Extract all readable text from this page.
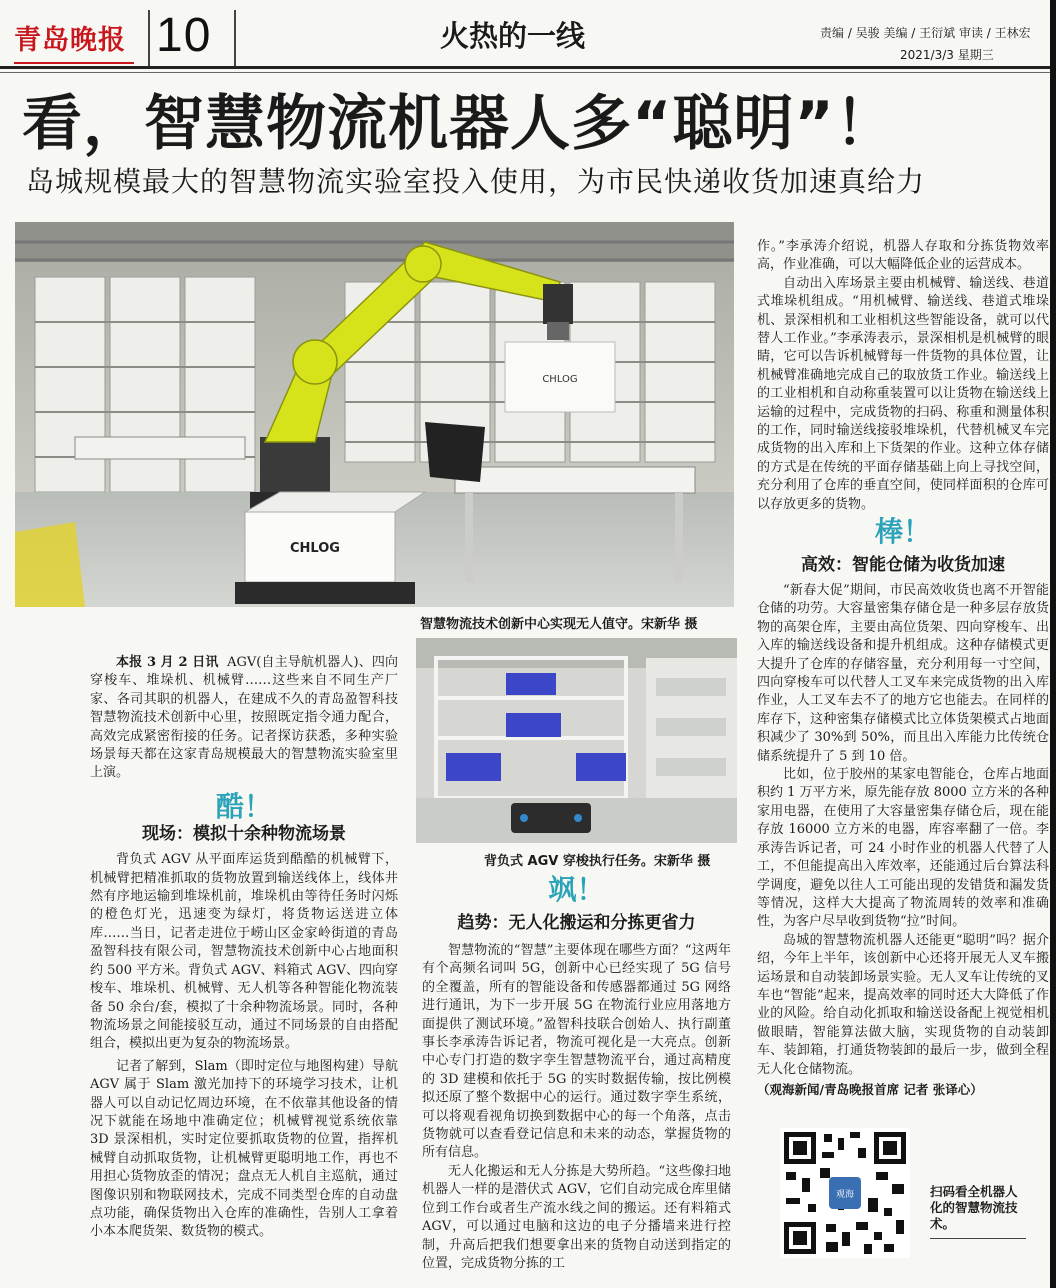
青岛晚报 10	火热的一线	责编 / 吴骏 美编 / 王衍斌 审读 / 王林宏
2021/3/3 星期三
看，智慧物流机器人多“聪明”！
岛城规模最大的智慧物流实验室投入使用，为市民快递收货加速真给力
CHLOG
CHLOG
智慧物流技术创新中心实现无人值守。宋新华 摄
背负式 AGV 穿梭执行任务。宋新华 摄

本报 3 月 2 日讯 AGV(自主导航机器人)、四向穿梭车、堆垛机、机械臂……这些来自不同生产厂家、各司其职的机器人，在建成不久的青岛盈智科技智慧物流技术创新中心里，按照既定指令通力配合，高效完成紧密衔接的任务。记者探访获悉，多种实验场景每天都在这家青岛规模最大的智慧物流实验室里上演。

酷！
现场：模拟十余种物流场景

背负式 AGV 从平面库运货到酷酷的机械臂下，机械臂把精准抓取的货物放置到输送线体上，线体井然有序地运输到堆垛机前，堆垛机由等待任务时闪烁的橙色灯光，迅速变为绿灯，将货物运送进立体库……当日，记者走进位于崂山区金家岭街道的青岛盈智科技有限公司，智慧物流技术创新中心占地面积约 500 平方米。背负式 AGV、料箱式 AGV、四向穿梭车、堆垛机、机械臂、无人机等各种智能化物流装备 50 余台/套，模拟了十余种物流场景。同时，各种物流场景之间能接驳互动，通过不同场景的自由搭配组合，模拟出更为复杂的物流场景。

记者了解到，Slam（即时定位与地图构建）导航 AGV 属于 Slam 激光加持下的环境学习技术，让机器人可以自动记忆周边环境，在不依靠其他设备的情况下就能在场地中准确定位；机械臂视觉系统依靠 3D 景深相机，实时定位要抓取货物的位置，指挥机械臂自动抓取货物，让机械臂更聪明地工作，再也不用担心货物放歪的情况；盘点无人机自主巡航，通过图像识别和物联网技术，完成不同类型仓库的自动盘点功能，确保货物出入仓库的准确性，告别人工拿着小本本爬货架、数货物的模式。

飒！
趋势：无人化搬运和分拣更省力

智慧物流的“智慧”主要体现在哪些方面？“这两年有个高频名词叫 5G，创新中心已经实现了 5G 信号的全覆盖，所有的智能设备和传感器都通过 5G 网络进行通讯，为下一步开展 5G 在物流行业应用落地方面提供了测试环境。”盈智科技联合创始人、执行副董事长李承涛告诉记者，物流可视化是一大亮点。创新中心专门打造的数字孪生智慧物流平台，通过高精度的 3D 建模和依托于 5G 的实时数据传输，按比例模拟还原了整个数据中心的运行。通过数字孪生系统，可以将观看视角切换到数据中心的每一个角落，点击货物就可以查看登记信息和未来的动态，掌握货物的所有信息。

无人化搬运和无人分拣是大势所趋。“这些像扫地机器人一样的是潜伏式 AGV，它们自动完成仓库里储位到工作台或者生产流水线之间的搬运。还有料箱式 AGV，可以通过电脑和这边的电子分播墙来进行控制，升高后把我们想要拿出来的货物自动送到指定的位置，完成货物分拣的工

作。”李承涛介绍说，机器人存取和分拣货物效率高，作业准确，可以大幅降低企业的运营成本。

自动出入库场景主要由机械臂、输送线、巷道式堆垛机组成。“用机械臂、输送线、巷道式堆垛机、景深相机和工业相机这些智能设备，就可以代替人工作业。”李承涛表示，景深相机是机械臂的眼睛，它可以告诉机械臂每一件货物的具体位置，让机械臂准确地完成自己的取放货工作业。输送线上的工业相机和自动称重装置可以让货物在输送线上运输的过程中，完成货物的扫码、称重和测量体积的工作，同时输送线接驳堆垛机，代替机械叉车完成货物的出入库和上下货架的作业。这种立体存储的方式是在传统的平面存储基础上向上寻找空间，充分利用了仓库的垂直空间，使同样面积的仓库可以存放更多的货物。

棒！
高效：智能仓储为收货加速

“新春大促”期间，市民高效收货也离不开智能仓储的功劳。大容量密集存储仓是一种多层存放货物的高架仓库，主要由高位货架、四向穿梭车、出入库的输送线设备和提升机组成。这种存储模式更大提升了仓库的存储容量，充分利用每一寸空间，四向穿梭车可以代替人工叉车来完成货物的出入库作业，人工叉车去不了的地方它也能去。在同样的库存下，这种密集存储模式比立体货架模式占地面积减少了 30%到 50%，而且出入库能力比传统仓储系统提升了 5 到 10 倍。

比如，位于胶州的某家电智能仓，仓库占地面积约 1 万平方米，原先能存放 8000 立方米的各种家用电器，在使用了大容量密集存储仓后，现在能存放 16000 立方米的电器，库容率翻了一倍。李承涛告诉记者，可 24 小时作业的机器人代替了人工，不但能提高出入库效率，还能通过后台算法科学调度，避免以往人工可能出现的发错货和漏发货等情况，这样大大提高了物流周转的效率和准确性，为客户尽早收到货物“拉”时间。

岛城的智慧物流机器人还能更“聪明”吗？据介绍，今年上半年，该创新中心还将开展无人叉车搬运场景和自动装卸场景实验。无人叉车让传统的叉车也“智能”起来，提高效率的同时还大大降低了作业的风险。给自动化抓取和输送设备配上视觉相机做眼睛，智能算法做大脑，实现货物的自动装卸车、装卸箱，打通货物装卸的最后一步，做到全程无人化仓储物流。

（观海新闻/青岛晚报首席 记者 张译心）

观海	扫码看全机器人化的智慧物流技术。
